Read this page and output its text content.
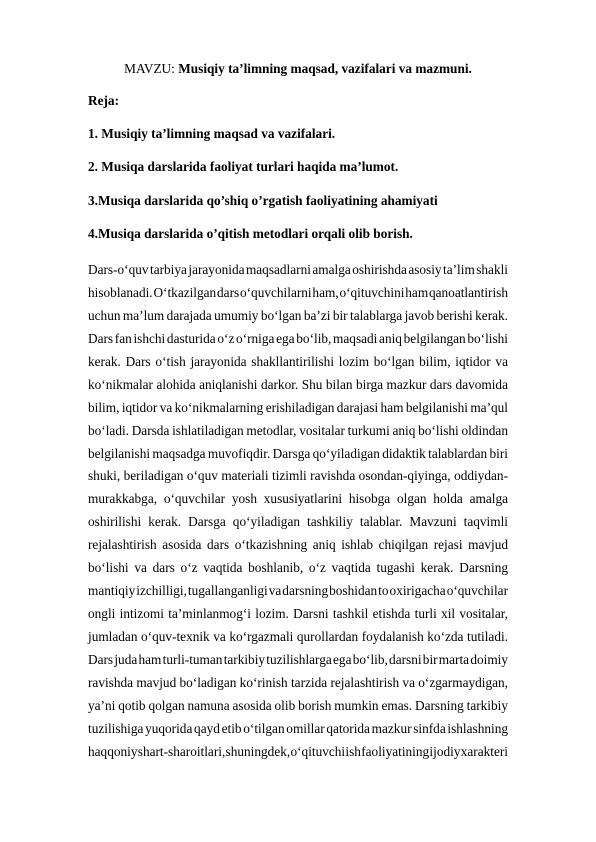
MAVZU: Musiqiy ta’limning maqsad, vazifalari va mazmuni.
Reja:
1. Musiqiy ta’limning maqsad va vazifalari.
2. Musiqa darslarida faoliyat turlari haqida ma’lumot.
3.Musiqa darslarida qo’shiq o’rgatish faoliyatining ahamiyati
4.Musiqa darslarida o’qitish metodlari orqali olib borish.
Dars-o‘quv tarbiya jarayonida maqsadlarni amalga oshirishda asosiy ta’lim shakli
hisoblanadi. O‘tkazilgan dars o‘quvchilarni ham, o‘qituvchini ham qanoatlantirish
uchun ma’lum darajada umumiy bo‘lgan ba’zi bir talablarga javob berishi kerak.
Dars fan ishchi dasturida o‘z o‘rniga ega bo‘lib, maqsadi aniq belgilangan bo‘lishi
kerak. Dars o‘tish jarayonida shakllantirilishi lozim bo‘lgan bilim, iqtidor va
ko‘nikmalar alohida aniqlanishi darkor. Shu bilan birga mazkur dars davomida
bilim, iqtidor va ko‘nikmalarning erishiladigan darajasi ham belgilanishi ma’qul
bo‘ladi. Darsda ishlatiladigan metodlar, vositalar turkumi aniq bo‘lishi oldindan
belgilanishi maqsadga muvofiqdir. Darsga qo‘yiladigan didaktik talablardan biri
shuki, beriladigan o‘quv materiali tizimli ravishda osondan-qiyinga, oddiydan-
murakkabga, o‘quvchilar yosh xususiyatlarini hisobga olgan holda amalga
oshirilishi kerak. Darsga qo‘yiladigan tashkiliy talablar. Mavzuni taqvimli
rejalashtirish asosida dars o‘tkazishning aniq ishlab chiqilgan rejasi mavjud
bo‘lishi va dars o‘z vaqtida boshlanib, o‘z vaqtida tugashi kerak. Darsning
mantiqiy izchilligi, tugallanganligi va darsning boshidan to oxirigacha o‘quvchilar
ongli intizomi ta’minlanmog‘i lozim. Darsni tashkil etishda turli xil vositalar,
jumladan o‘quv-texnik va ko‘rgazmali qurollardan foydalanish ko‘zda tutiladi.
Dars juda ham turli-tuman tarkibiy tuzilishlarga ega bo‘lib, darsni bir marta doimiy
ravishda mavjud bo‘ladigan ko‘rinish tarzida rejalashtirish va o‘zgarmaydigan,
ya’ni qotib qolgan namuna asosida olib borish mumkin emas. Darsning tarkibiy
tuzilishiga yuqorida qayd etib o‘tilgan omillar qatorida mazkur sinfda ishlashning
haqqoniy shart-sharoitlari, shuningdek, o‘qituvchi ish faoliyatining ijodiy xarakteri
